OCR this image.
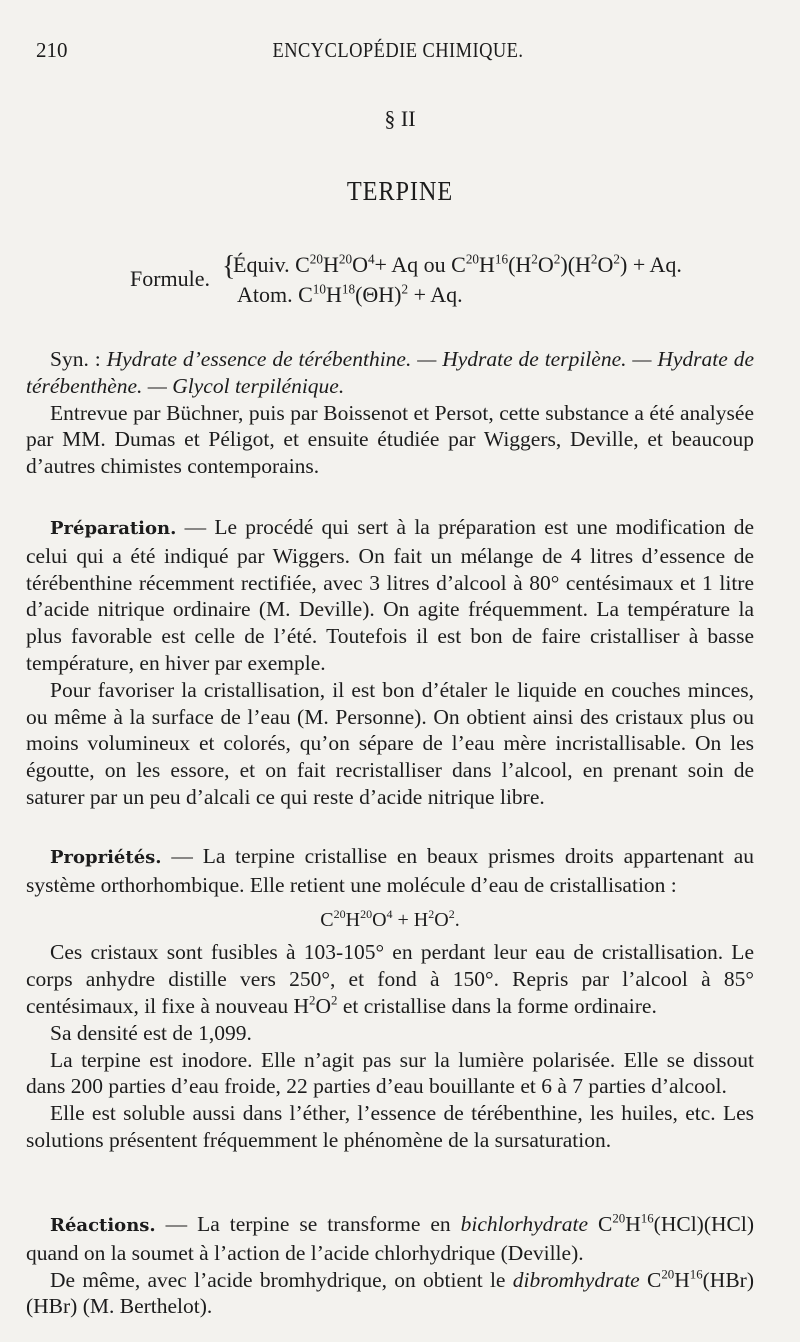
210	ENCYCLOPÉDIE CHIMIQUE.
§ II
TERPINE
Formule. {
Équiv. $C^{20}H^{20}O^4+ Aq$ ou $C^{20}H^{16}(H^2O^2)(H^2O^2) + Aq$.
Atom. $C^{10}H^{18}(\Theta H)^2 + Aq$.

Syn. : Hydrate d’essence de térébenthine. — Hydrate de terpilène. — Hydrate de térébenthène. — Glycol terpilénique.

Entrevue par Büchner, puis par Boissenot et Persot, cette substance a été analysée par MM. Dumas et Péligot, et ensuite étudiée par Wiggers, Deville, et beaucoup d’autres chimistes contemporains.

Préparation. — Le procédé qui sert à la préparation est une modification de celui qui a été indiqué par Wiggers. On fait un mélange de 4 litres d’essence de térébenthine récemment rectifiée, avec 3 litres d’alcool à 80° centésimaux et 1 litre d’acide nitrique ordinaire (M. Deville). On agite fréquemment. La température la plus favorable est celle de l’été. Toutefois il est bon de faire cristalliser à basse température, en hiver par exemple.

Pour favoriser la cristallisation, il est bon d’étaler le liquide en couches minces, ou même à la surface de l’eau (M. Personne). On obtient ainsi des cristaux plus ou moins volumineux et colorés, qu’on sépare de l’eau mère incristallisable. On les égoutte, on les essore, et on fait recristalliser dans l’alcool, en prenant soin de saturer par un peu d’alcali ce qui reste d’acide nitrique libre.

Propriétés. — La terpine cristallise en beaux prismes droits appartenant au système orthorhombique. Elle retient une molécule d’eau de cristallisation :

$C^{20}H^{20}O^4 + H^2O^2$.

Ces cristaux sont fusibles à 103-105° en perdant leur eau de cristallisation. Le corps anhydre distille vers 250°, et fond à 150°. Repris par l’alcool à 85° centésimaux, il fixe à nouveau $H^2O^2$ et cristallise dans la forme ordinaire.

Sa densité est de 1,099.

La terpine est inodore. Elle n’agit pas sur la lumière polarisée. Elle se dissout dans 200 parties d’eau froide, 22 parties d’eau bouillante et 6 à 7 parties d’alcool.

Elle est soluble aussi dans l’éther, l’essence de térébenthine, les huiles, etc. Les solutions présentent fréquemment le phénomène de la sursaturation.

Réactions. — La terpine se transforme en bichlorhydrate $C^{20}H^{16}(HCl)(HCl)$ quand on la soumet à l’action de l’acide chlorhydrique (Deville).

De même, avec l’acide bromhydrique, on obtient le dibromhydrate $C^{20}H^{16}(HBr)(HBr)$ (M. Berthelot).
